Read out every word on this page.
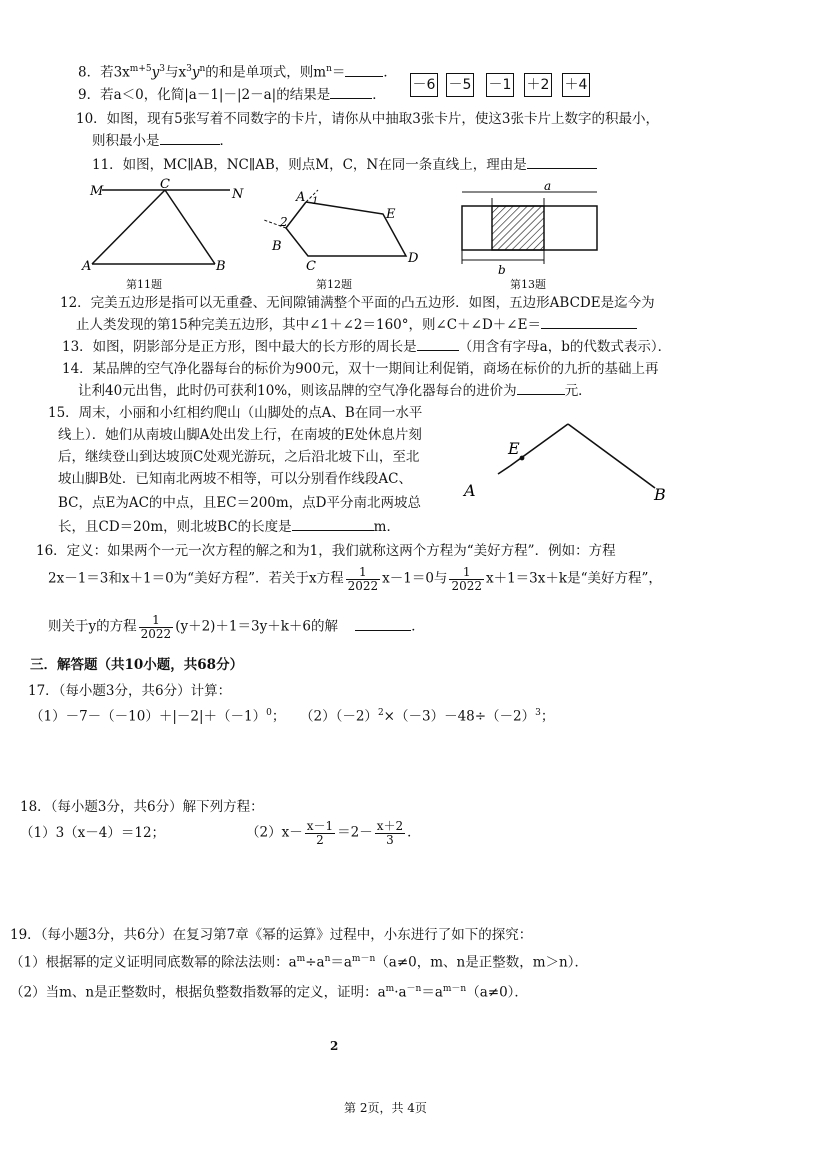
8．若$3x^{m+5}y^3$与$x^3y^n$的和是单项式，则$m^n=$	．
－6 －5 －1 ＋2 ＋4
9．若a＜0，化简|a－1|－|2－a|的结果是	．
10．如图，现有5张写着不同数字的卡片，请你从中抽取3张卡片，使这3张卡片上数字的积最小，
则积最小是	．
11．如图，MC∥AB，NC∥AB，则点M，C，N在同一条直线上，理由是
M	C
N
A	B
第11题
A 1
2
B
C
D
E
第12题
a
b
第13题
12．完美五边形是指可以无重叠、无间隙铺满整个平面的凸五边形．如图，五边形ABCDE是迄今为
止人类发现的第15种完美五边形，其中∠1＋∠2＝160°，则∠C＋∠D＋∠E＝
13．如图，阴影部分是正方形，图中最大的长方形的周长是	（用含有字母a，b的代数式表示）．
14．某品牌的空气净化器每台的标价为900元，双十一期间让利促销，商场在标价的九折的基础上再
让利40元出售，此时仍可获利10%，则该品牌的空气净化器每台的进价为	元．
15．周末，小丽和小红相约爬山（山脚处的点A、B在同一水平
线上）．她们从南坡山脚A处出发上行，在南坡的E处休息片刻
后，继续登山到达坡顶C处观光游玩，之后沿北坡下山，至北
坡山脚B处．已知南北两坡不相等，可以分别看作线段AC、
BC，点E为AC的中点，且EC＝200m，点D平分南北两坡总
长，且CD＝20m，则北坡BC的长度是	m．
E
A	B
16．定义：如果两个一元一次方程的解之和为1，我们就称这两个方程为“美好方程”．例如：方程
2x－1＝3和x＋1＝0为“美好方程”．若关于x方程 $\frac{1}{2022} x-1=0$与 $\frac{1}{2022} x+1=3x+k$是“美好方程”，
则关于y的方程 $\frac{1}{2022} (y+2)+1=3y+k+6$的解	．
三．解答题（共10小题，共68分）
17．（每小题3分，共6分）计算：
$(1)-7-(-10)+|-2|+(-1)^0$； $(2)(-2)^2\times(-3)-48\div(-2)^3$；
18．（每小题3分，共6分）解下列方程：
（1）3（x－4）＝12；	$(2)x- \frac{x-1}{2} =2- \frac{x+2}{3}$ ．
19．（每小题3分，共6分）在复习第7章《幂的运算》过程中，小东进行了如下的探究：
（1）根据幂的定义证明同底数幂的除法法则：$a^m\div a^n=a^{m-n}(a\ne 0$，m、n是正整数，m＞n）．
（2）当m、n是正整数时，根据负整数指数幂的定义，证明：$a^m\cdot a^{-n}=a^{m-n}(a\ne 0)$．
2
第 2页，共 4页
